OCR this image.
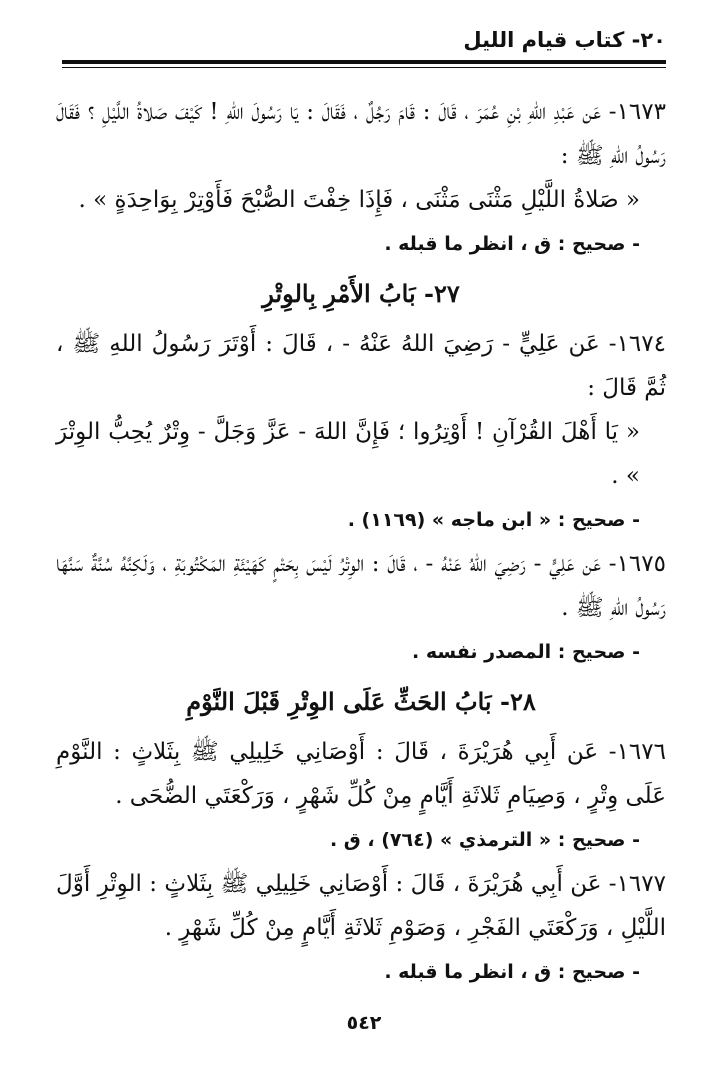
٢٠- كتاب قيام الليل

١٦٧٣- عَن عَبْدِ اللهِ بْنِ عُمَرَ ، قَالَ : قَامَ رَجُلٌ ، فَقَالَ : يَا رَسُولَ اللهِ ! كَيْفَ صَلاةُ اللَّيْلِ ؟ فَقَالَ رَسُولُ اللهِ ﷺ :

« صَلاةُ اللَّيْلِ مَثْنَى مَثْنَى ، فَإِذَا خِفْتَ الصُّبْحَ فَأَوْتِرْ بِوَاحِدَةٍ » .

- صحيح : ق ، انظر ما قبله .

٢٧- بَابُ الأَمْرِ بِالوِتْرِ

١٦٧٤- عَن عَلِيٍّ - رَضِيَ اللهُ عَنْهُ - ، قَالَ : أَوْتَرَ رَسُولُ اللهِ ﷺ ، ثُمَّ قَالَ :

« يَا أَهْلَ القُرْآنِ ! أَوْتِرُوا ؛ فَإِنَّ اللهَ - عَزَّ وَجَلَّ - وِتْرٌ يُحِبُّ الوِتْرَ » .

- صحيح : « ابن ماجه » (١١٦٩) .

١٦٧٥- عَن عَلِيٍّ - رَضِيَ اللهُ عَنْهُ - ، قَالَ : الوِتْرُ لَيْسَ بِحَتْمٍ كَهَيْئَةِ المَكْتُوبَةِ ، وَلَكِنَّهُ سُنَّةٌ سَنَّهَا رَسُولُ اللهِ ﷺ .

- صحيح : المصدر نفسه .

٢٨- بَابُ الحَثِّ عَلَى الوِتْرِ قَبْلَ النَّوْمِ

١٦٧٦- عَن أَبِي هُرَيْرَةَ ، قَالَ : أَوْصَانِي خَلِيلِي ﷺ بِثَلاثٍ : النَّوْمِ عَلَى وِتْرٍ ، وَصِيَامِ ثَلاثَةِ أَيَّامٍ مِنْ كُلِّ شَهْرٍ ، وَرَكْعَتَي الضُّحَى .

- صحيح : « الترمذي » (٧٦٤) ، ق .

١٦٧٧- عَن أَبِي هُرَيْرَةَ ، قَالَ : أَوْصَانِي خَلِيلِي ﷺ بِثَلاثٍ : الوِتْرِ أَوَّلَ اللَّيْلِ ، وَرَكْعَتَي الفَجْرِ ، وَصَوْمِ ثَلاثَةِ أَيَّامٍ مِنْ كُلِّ شَهْرٍ .

- صحيح : ق ، انظر ما قبله .

٥٤٢
